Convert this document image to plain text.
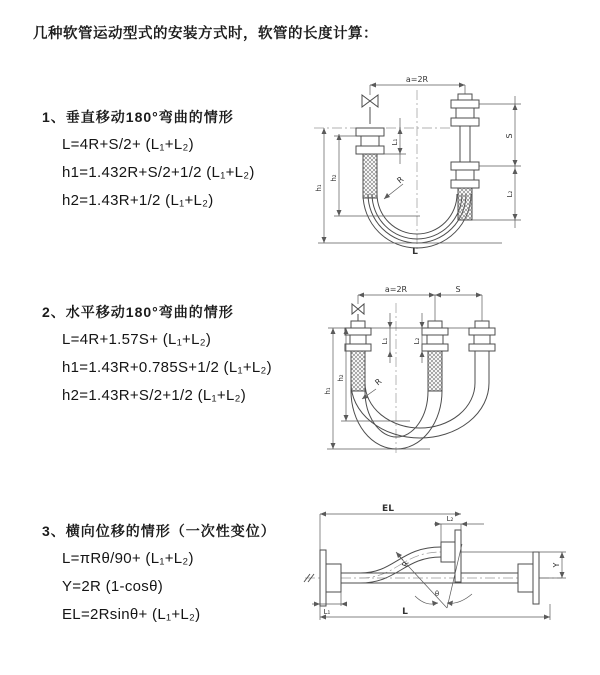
几种软管运动型式的安装方式时，软管的长度计算：
1、垂直移动180°弯曲的情形
L=4R+S/2+ (L₁+L₂)
h1=1.432R+S/2+1/2 (L₁+L₂)
h2=1.43R+1/2 (L₁+L₂)
2、水平移动180°弯曲的情形
L=4R+1.57S+ (L₁+L₂)
h1=1.43R+0.785S+1/2 (L₁+L₂)
h2=1.43R+S/2+1/2 (L₁+L₂)
3、横向位移的情形（一次性变位）
L=πRθ/90+ (L₁+L₂)
Y=2R (1-cosθ)
EL=2Rsinθ+ (L₁+L₂)
a=2R
L₁
S
L₂
h₁
h₂	R
L
a=2R	S
h₁
h₂
L₁	L₂
R
EL
L₂
Y
R
θ
L
L₁
